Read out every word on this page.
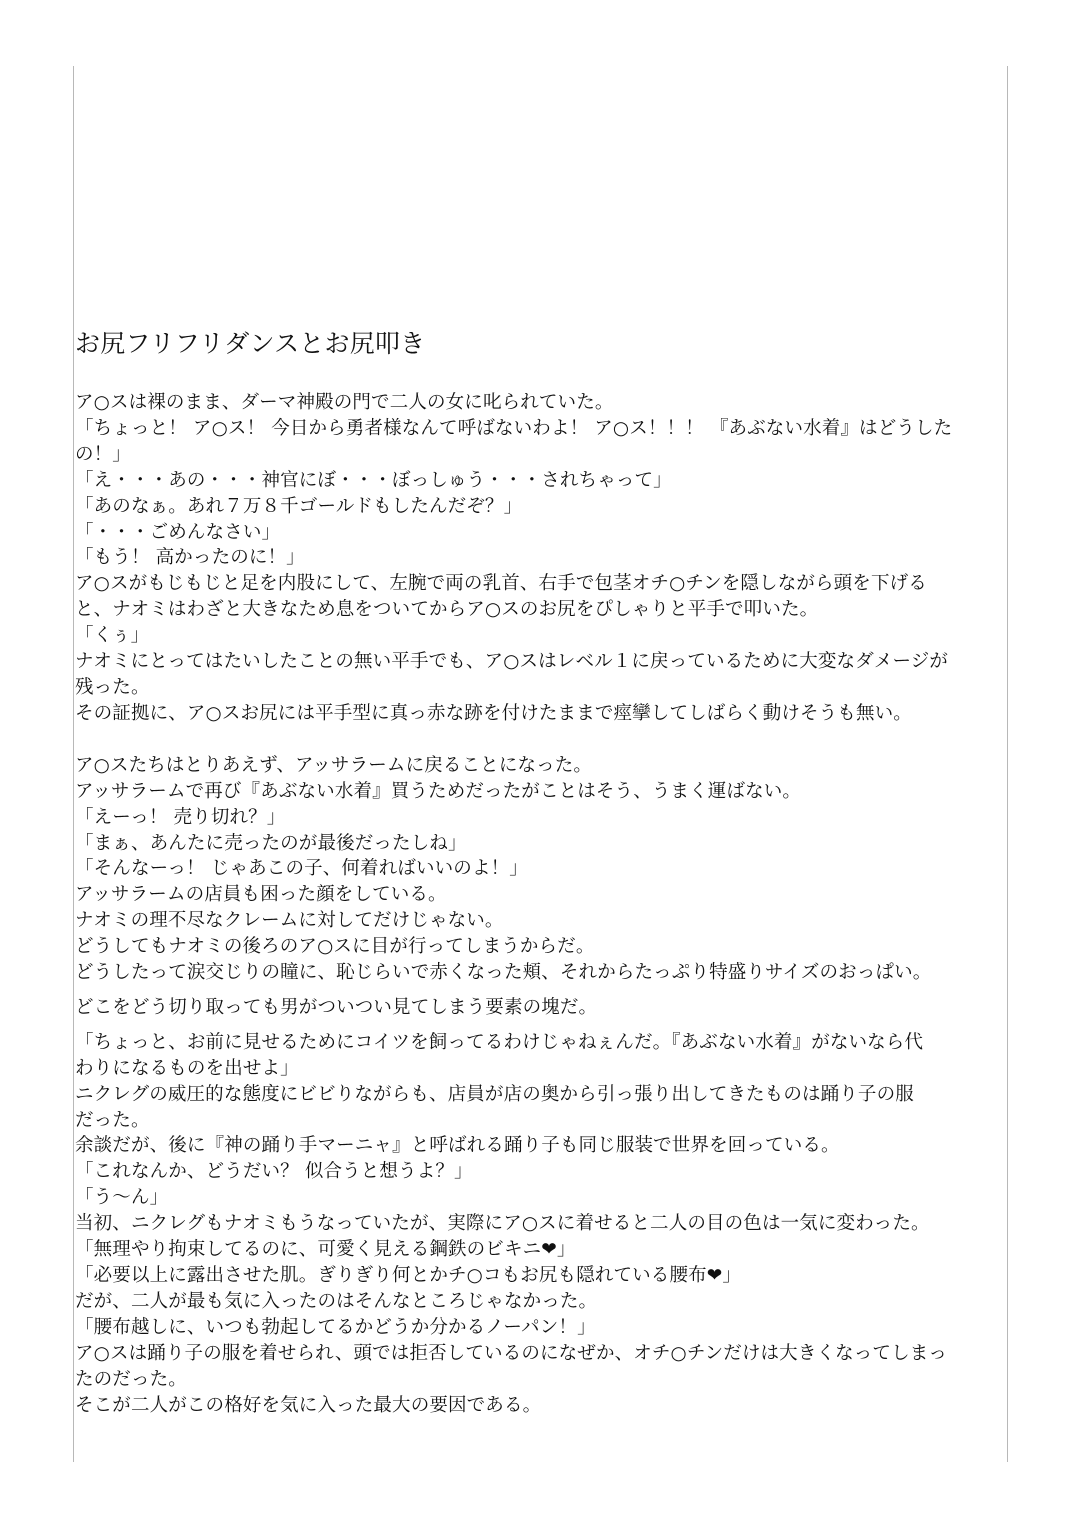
お尻フリフリダンスとお尻叩き

ア○スは裸のまま、ダーマ神殿の門で二人の女に叱られていた。

「ちょっと！ ア○ス！ 今日から勇者様なんて呼ばないわよ！ ア○ス！！！ 『あぶない水着』はどうした

の！」

「え・・・あの・・・神官にぼ・・・ぼっしゅう・・・されちゃって」

「あのなぁ。あれ７万８千ゴールドもしたんだぞ？」

「・・・ごめんなさい」

「もう！ 高かったのに！」

ア○スがもじもじと足を内股にして、左腕で両の乳首、右手で包茎オチ○チンを隠しながら頭を下げる

と、ナオミはわざと大きなため息をついてからア○スのお尻をぴしゃりと平手で叩いた。

「くぅ」

ナオミにとってはたいしたことの無い平手でも、ア○スはレベル１に戻っているために大変なダメージが

残った。

その証拠に、ア○スお尻には平手型に真っ赤な跡を付けたままで痙攣してしばらく動けそうも無い。

ア○スたちはとりあえず、アッサラームに戻ることになった。

アッサラームで再び『あぶない水着』買うためだったがことはそう、うまく運ばない。

「えーっ！ 売り切れ？」

「まぁ、あんたに売ったのが最後だったしね」

「そんなーっ！ じゃあこの子、何着ればいいのよ！」

アッサラームの店員も困った顔をしている。

ナオミの理不尽なクレームに対してだけじゃない。

どうしてもナオミの後ろのア○スに目が行ってしまうからだ。

どうしたって涙交じりの瞳に、恥じらいで赤くなった頬、それからたっぷり特盛りサイズのおっぱい。

どこをどう切り取っても男がついつい見てしまう要素の塊だ。

「ちょっと、お前に見せるためにコイツを飼ってるわけじゃねぇんだ。『あぶない水着』がないなら代

わりになるものを出せよ」

ニクレグの威圧的な態度にビビりながらも、店員が店の奥から引っ張り出してきたものは踊り子の服

だった。

余談だが、後に『神の踊り手マーニャ』と呼ばれる踊り子も同じ服装で世界を回っている。

「これなんか、どうだい？ 似合うと想うよ？」

「う～ん」

当初、ニクレグもナオミもうなっていたが、実際にア○スに着せると二人の目の色は一気に変わった。

「無理やり拘束してるのに、可愛く見える鋼鉄のビキニ❤」

「必要以上に露出させた肌。ぎりぎり何とかチ○コもお尻も隠れている腰布❤」

だが、二人が最も気に入ったのはそんなところじゃなかった。

「腰布越しに、いつも勃起してるかどうか分かるノーパン！」

ア○スは踊り子の服を着せられ、頭では拒否しているのになぜか、オチ○チンだけは大きくなってしまっ

たのだった。

そこが二人がこの格好を気に入った最大の要因である。
